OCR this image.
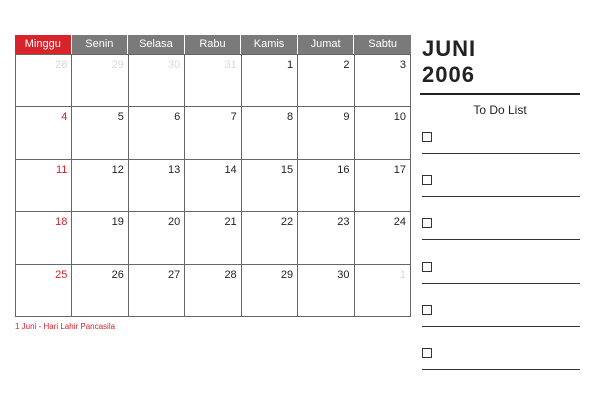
Minggu	Senin	Selasa	Rabu	Kamis	Jumat	Sabtu
28	29	30	31	1	2	3
4	5	6	7	8	9	10
11	12	13	14	15	16	17
18	19	20	21	22	23	24
25	26	27	28	29	30	1
1 Juni - Hari Lahir Pancasila
JUNI
2006
To Do List
